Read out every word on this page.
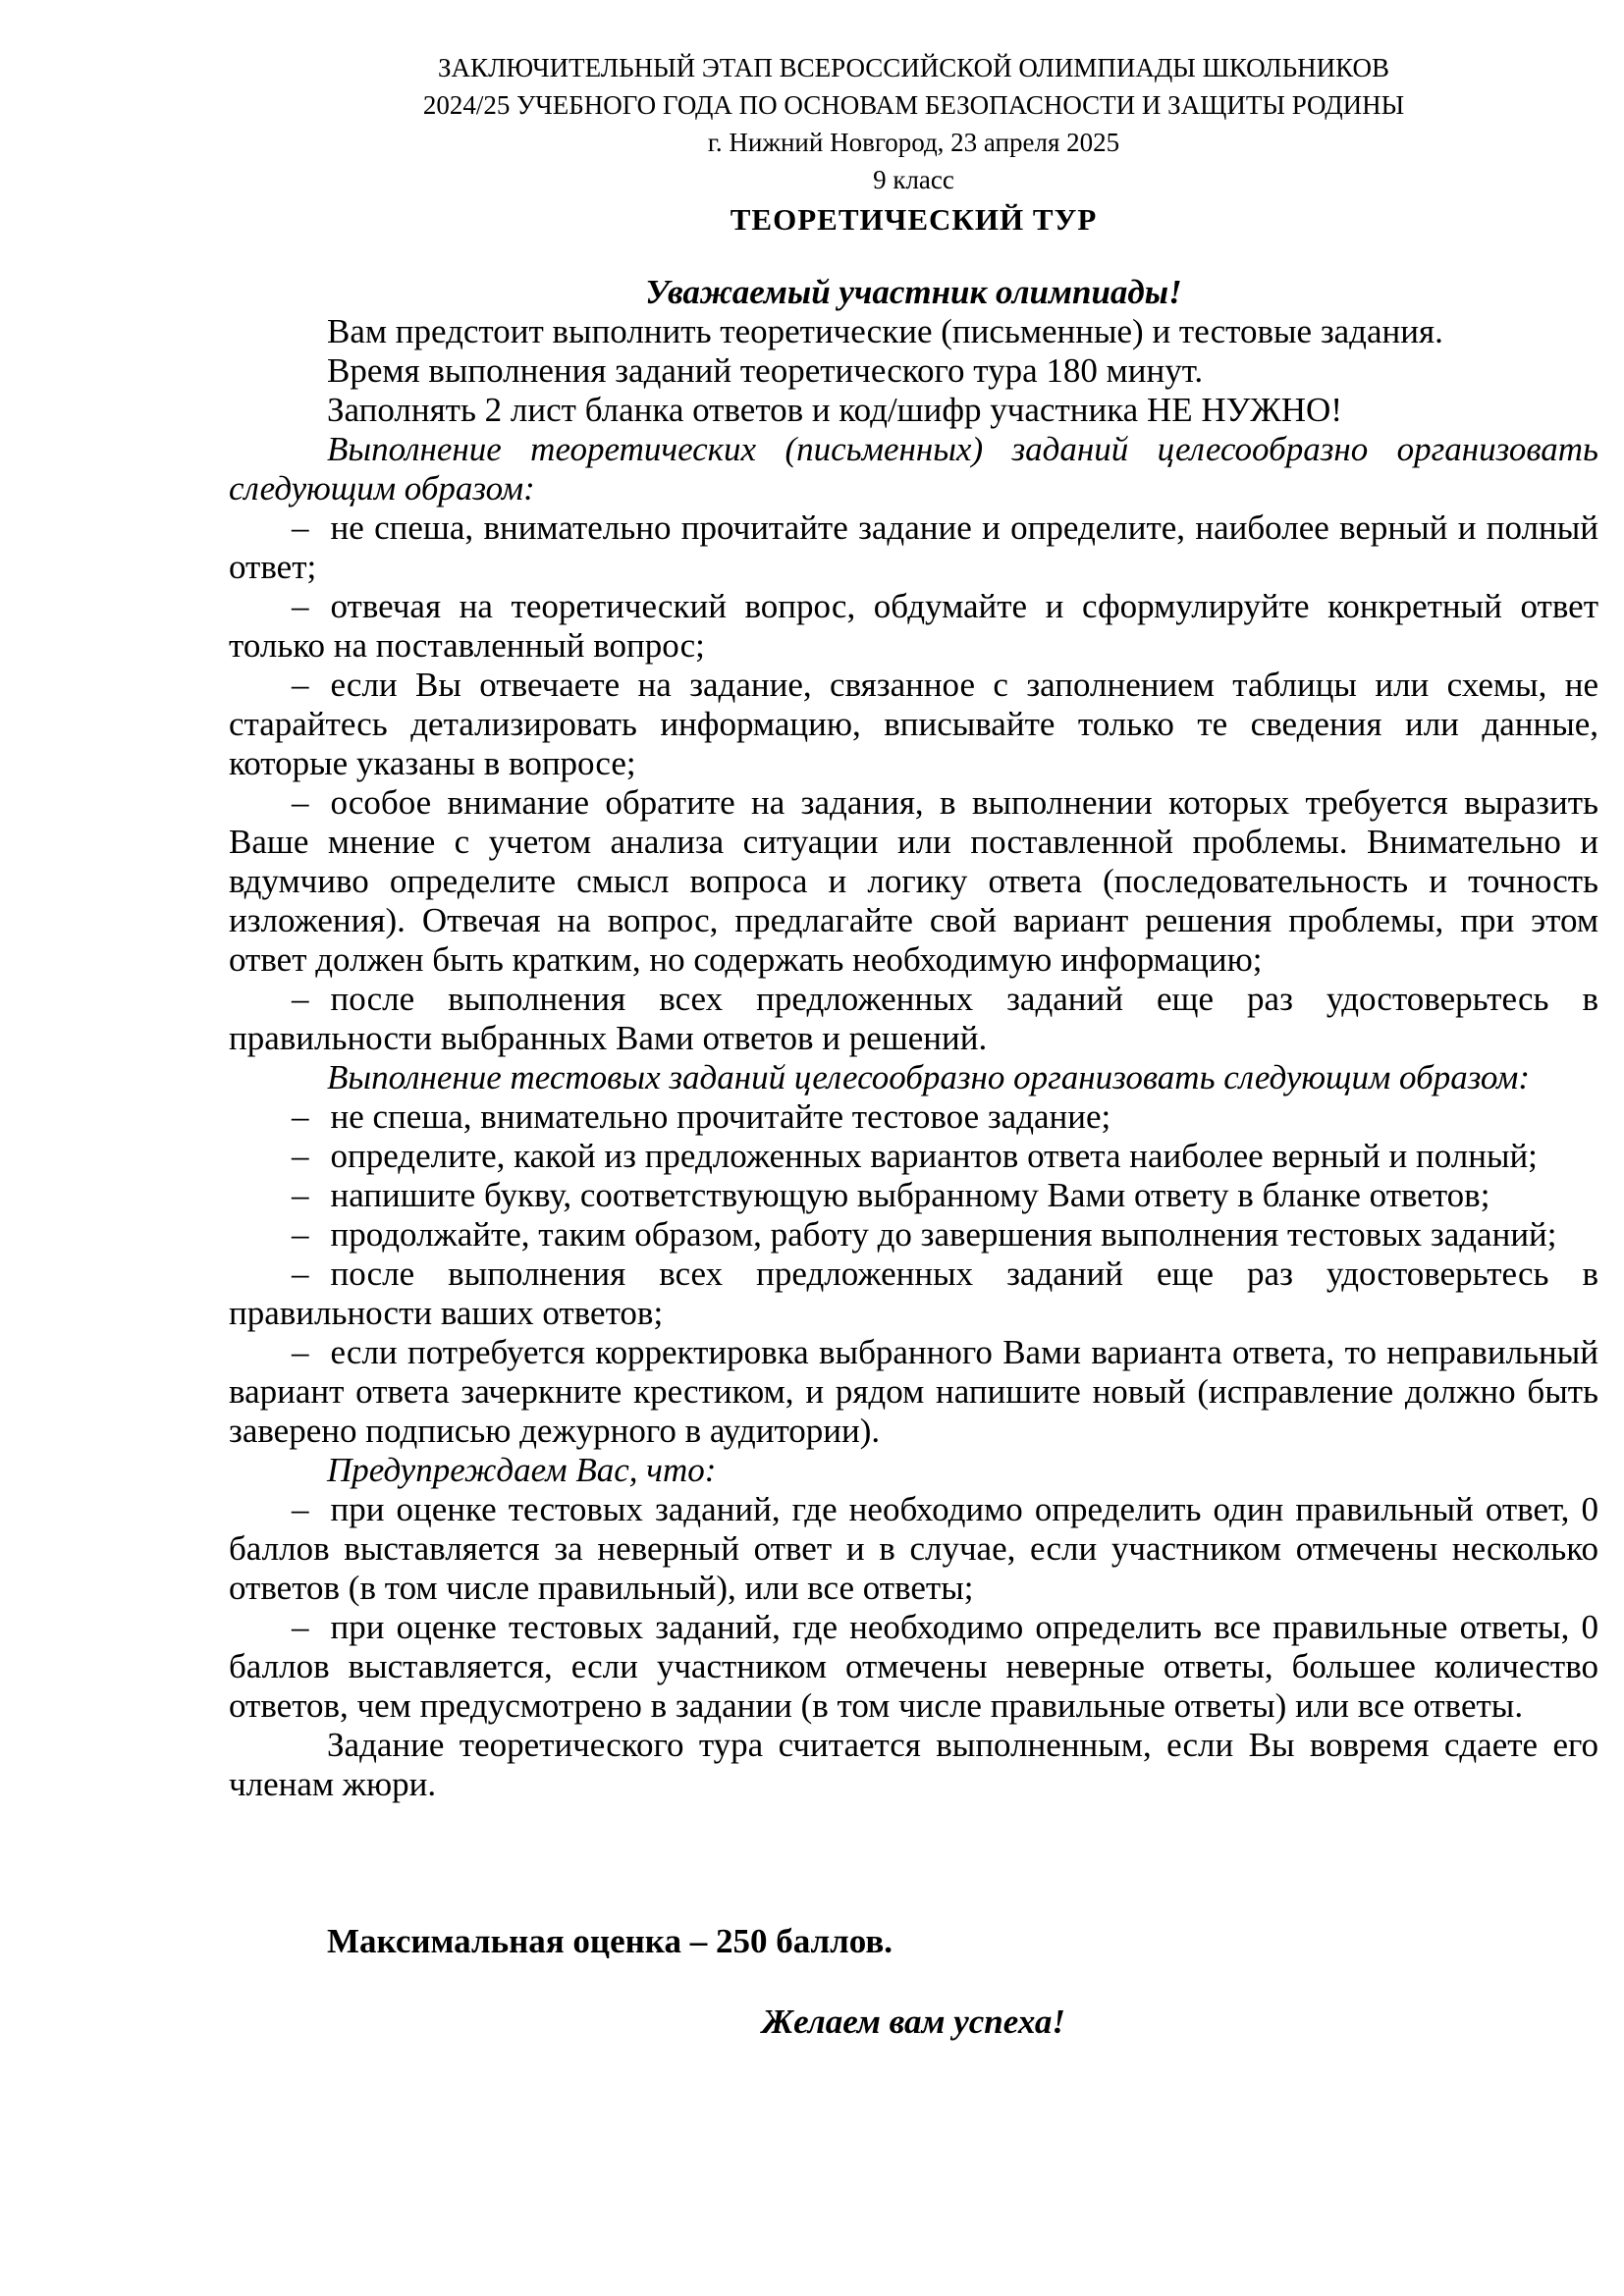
ЗАКЛЮЧИТЕЛЬНЫЙ ЭТАП ВСЕРОССИЙСКОЙ ОЛИМПИАДЫ ШКОЛЬНИКОВ
2024/25 УЧЕБНОГО ГОДА ПО ОСНОВАМ БЕЗОПАСНОСТИ И ЗАЩИТЫ РОДИНЫ
г. Нижний Новгород, 23 апреля 2025
9 класс
ТЕОРЕТИЧЕСКИЙ ТУР
Уважаемый участник олимпиады!

Вам предстоит выполнить теоретические (письменные) и тестовые задания.

Время выполнения заданий теоретического тура 180 минут.

Заполнять 2 лист бланка ответов и код/шифр участника НЕ НУЖНО!

Выполнение теоретических (письменных) заданий целесообразно организовать следующим образом:

– не спеша, внимательно прочитайте задание и определите, наиболее верный и полный ответ;

– отвечая на теоретический вопрос, обдумайте и сформулируйте конкретный ответ только на поставленный вопрос;

– если Вы отвечаете на задание, связанное с заполнением таблицы или схемы, не старайтесь детализировать информацию, вписывайте только те сведения или данные, которые указаны в вопросе;

– особое внимание обратите на задания, в выполнении которых требуется выразить Ваше мнение с учетом анализа ситуации или поставленной проблемы. Внимательно и вдумчиво определите смысл вопроса и логику ответа (последовательность и точность изложения). Отвечая на вопрос, предлагайте свой вариант решения проблемы, при этом ответ должен быть кратким, но содержать необходимую информацию;

– после выполнения всех предложенных заданий еще раз удостоверьтесь в правильности выбранных Вами ответов и решений.

Выполнение тестовых заданий целесообразно организовать следующим образом:

– не спеша, внимательно прочитайте тестовое задание;

– определите, какой из предложенных вариантов ответа наиболее верный и полный;

– напишите букву, соответствующую выбранному Вами ответу в бланке ответов;

– продолжайте, таким образом, работу до завершения выполнения тестовых заданий;

– после выполнения всех предложенных заданий еще раз удостоверьтесь в правильности ваших ответов;

– если потребуется корректировка выбранного Вами варианта ответа, то неправильный вариант ответа зачеркните крестиком, и рядом напишите новый (исправление должно быть заверено подписью дежурного в аудитории).

Предупреждаем Вас, что:

– при оценке тестовых заданий, где необходимо определить один правильный ответ, 0 баллов выставляется за неверный ответ и в случае, если участником отмечены несколько ответов (в том числе правильный), или все ответы;

– при оценке тестовых заданий, где необходимо определить все правильные ответы, 0 баллов выставляется, если участником отмечены неверные ответы, большее количество ответов, чем предусмотрено в задании (в том числе правильные ответы) или все ответы.

Задание теоретического тура считается выполненным, если Вы вовремя сдаете его членам жюри.

Максимальная оценка – 250 баллов.

Желаем вам успеха!
